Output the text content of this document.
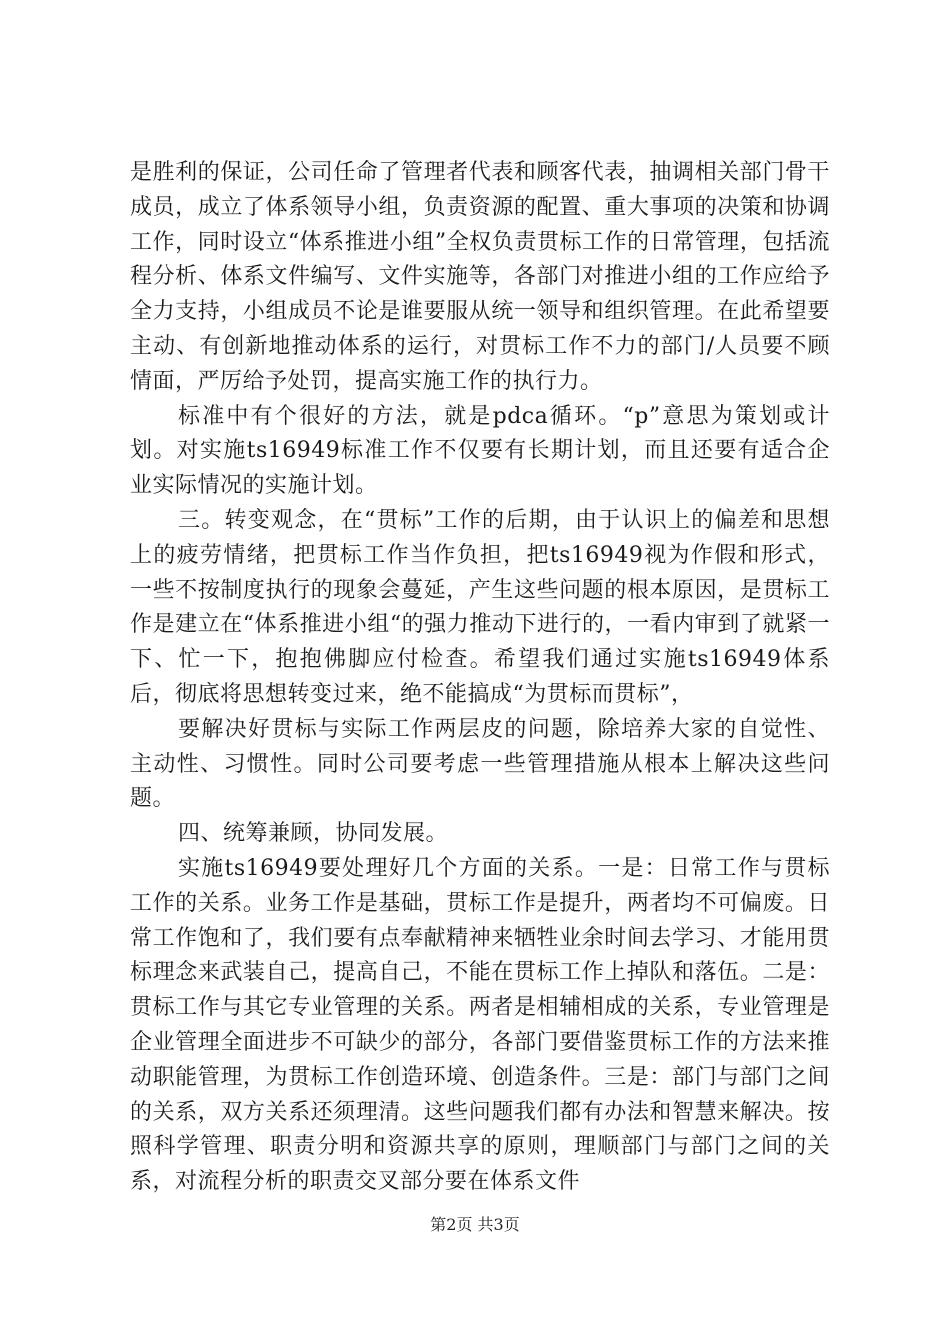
是胜利的保证，公司任命了管理者代表和顾客代表，抽调相关部门骨干成员，成立了体系领导小组，负责资源的配置、重大事项的决策和协调工作，同时设立“体系推进小组”全权负责贯标工作的日常管理，包括流程分析、体系文件编写、文件实施等，各部门对推进小组的工作应给予全力支持，小组成员不论是谁要服从统一领导和组织管理。在此希望要主动、有创新地推动体系的运行，对贯标工作不力的部门/人员要不顾情面，严厉给予处罚，提高实施工作的执行力。

标准中有个很好的方法，就是pdca循环。“p”意思为策划或计划。对实施ts16949标准工作不仅要有长期计划，而且还要有适合企业实际情况的实施计划。

三。转变观念，在“贯标”工作的后期，由于认识上的偏差和思想上的疲劳情绪，把贯标工作当作负担，把ts16949视为作假和形式，一些不按制度执行的现象会蔓延，产生这些问题的根本原因，是贯标工作是建立在“体系推进小组“的强力推动下进行的，一看内审到了就紧一下、忙一下，抱抱佛脚应付检查。希望我们通过实施ts16949体系后，彻底将思想转变过来，绝不能搞成“为贯标而贯标”，

要解决好贯标与实际工作两层皮的问题，除培养大家的自觉性、主动性、习惯性。同时公司要考虑一些管理措施从根本上解决这些问题。

四、统筹兼顾，协同发展。

实施ts16949要处理好几个方面的关系。一是：日常工作与贯标工作的关系。业务工作是基础，贯标工作是提升，两者均不可偏废。日常工作饱和了，我们要有点奉献精神来牺牲业余时间去学习、才能用贯标理念来武装自己，提高自己，不能在贯标工作上掉队和落伍。二是：贯标工作与其它专业管理的关系。两者是相辅相成的关系，专业管理是企业管理全面进步不可缺少的部分，各部门要借鉴贯标工作的方法来推动职能管理，为贯标工作创造环境、创造条件。三是：部门与部门之间的关系，双方关系还须理清。这些问题我们都有办法和智慧来解决。按照科学管理、职责分明和资源共享的原则，理顺部门与部门之间的关系，对流程分析的职责交叉部分要在体系文件

第2页 共3页
